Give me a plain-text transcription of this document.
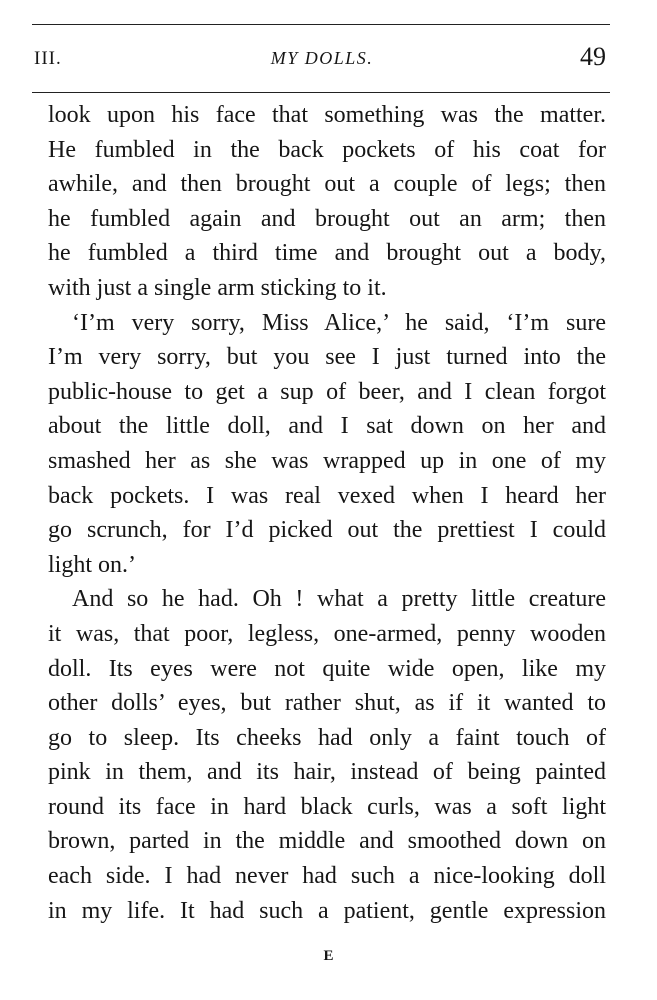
III.	MY DOLLS.	49
look upon his face that something was the matter.
He fumbled in the back pockets of his coat for
awhile, and then brought out a couple of legs; then
he fumbled again and brought out an arm; then
he fumbled a third time and brought out a body,
with just a single arm sticking to it.
‘I’m very sorry, Miss Alice,’ he said, ‘I’m sure
I’m very sorry, but you see I just turned into the
public-house to get a sup of beer, and I clean forgot
about the little doll, and I sat down on her and
smashed her as she was wrapped up in one of my
back pockets. I was real vexed when I heard her
go scrunch, for I’d picked out the prettiest I could
light on.’
And so he had. Oh ! what a pretty little creature
it was, that poor, legless, one-armed, penny wooden
doll. Its eyes were not quite wide open, like my
other dolls’ eyes, but rather shut, as if it wanted to
go to sleep. Its cheeks had only a faint touch of
pink in them, and its hair, instead of being painted
round its face in hard black curls, was a soft light
brown, parted in the middle and smoothed down on
each side. I had never had such a nice-looking doll
in my life. It had such a patient, gentle expression
E
